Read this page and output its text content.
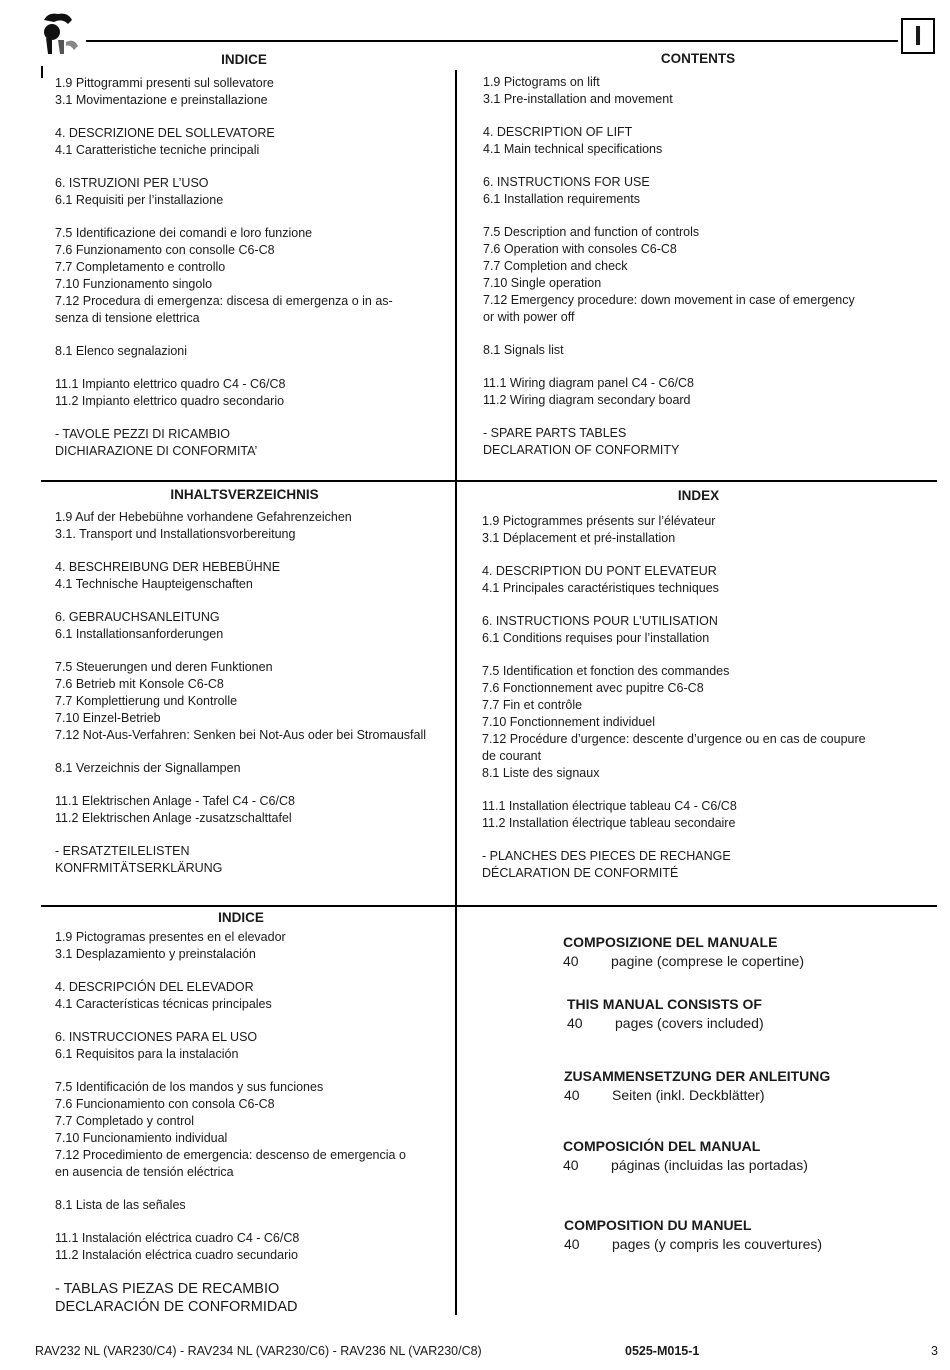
I
INDICE
1.9 Pittogrammi presenti sul sollevatore
3.1 Movimentazione e preinstallazione
4. DESCRIZIONE DEL SOLLEVATORE
4.1 Caratteristiche tecniche principali
6. ISTRUZIONI PER L’USO
6.1 Requisiti per l’installazione
7.5 Identificazione dei comandi e loro funzione
7.6 Funzionamento con consolle C6-C8
7.7 Completamento e controllo
7.10 Funzionamento singolo
7.12 Procedura di emergenza: discesa di emergenza o in as-
senza di tensione elettrica
8.1 Elenco segnalazioni
11.1 Impianto elettrico quadro C4 - C6/C8
11.2 Impianto elettrico quadro secondario
- TAVOLE PEZZI DI RICAMBIO
DICHIARAZIONE DI CONFORMITA’
CONTENTS
1.9 Pictograms on lift
3.1 Pre-installation and movement
4. DESCRIPTION OF LIFT
4.1 Main technical specifications
6. INSTRUCTIONS FOR USE
6.1 Installation requirements
7.5 Description and function of controls
7.6 Operation with consoles C6-C8
7.7 Completion and check
7.10 Single operation
7.12 Emergency procedure: down movement in case of emergency
or with power off
8.1 Signals list
11.1 Wiring diagram panel C4 - C6/C8
11.2 Wiring diagram secondary board
- SPARE PARTS TABLES
DECLARATION OF CONFORMITY
INHALTSVERZEICHNIS
1.9 Auf der Hebebühne vorhandene Gefahrenzeichen
3.1. Transport und Installationsvorbereitung
4. BESCHREIBUNG DER HEBEBÜHNE
4.1 Technische Haupteigenschaften
6. GEBRAUCHSANLEITUNG
6.1 Installationsanforderungen
7.5 Steuerungen und deren Funktionen
7.6 Betrieb mit Konsole C6-C8
7.7 Komplettierung und Kontrolle
7.10 Einzel-Betrieb
7.12 Not-Aus-Verfahren: Senken bei Not-Aus oder bei Stromausfall
8.1 Verzeichnis der Signallampen
11.1 Elektrischen Anlage - Tafel C4 - C6/C8
11.2 Elektrischen Anlage -zusatzschalttafel
- ERSATZTEILELISTEN
KONFRMITÄTSERKLÄRUNG
INDEX
1.9 Pictogrammes présents sur l’élévateur
3.1 Déplacement et pré-installation
4. DESCRIPTION DU PONT ELEVATEUR
4.1 Principales caractéristiques techniques
6. INSTRUCTIONS POUR L’UTILISATION
6.1 Conditions requises pour l’installation
7.5 Identification et fonction des commandes
7.6 Fonctionnement avec pupitre C6-C8
7.7 Fin et contrôle
7.10 Fonctionnement individuel
7.12 Procédure d’urgence: descente d’urgence ou en cas de coupure
de courant
8.1 Liste des signaux
11.1 Installation électrique tableau C4 - C6/C8
11.2 Installation électrique tableau secondaire
- PLANCHES DES PIECES DE RECHANGE
DÉCLARATION DE CONFORMITÉ
INDICE
1.9 Pictogramas presentes en el elevador
3.1 Desplazamiento y preinstalación
4. DESCRIPCIÓN DEL ELEVADOR
4.1 Características técnicas principales
6. INSTRUCCIONES PARA EL USO
6.1 Requisitos para la instalación
7.5 Identificación de los mandos y sus funciones
7.6 Funcionamiento con consola C6-C8
7.7 Completado y control
7.10 Funcionamiento individual
7.12 Procedimiento de emergencia: descenso de emergencia o
en ausencia de tensión eléctrica
8.1 Lista de las señales
11.1 Instalación eléctrica cuadro C4 - C6/C8
11.2 Instalación eléctrica cuadro secundario
- TABLAS PIEZAS DE RECAMBIO
DECLARACIÓN DE CONFORMIDAD
COMPOSIZIONE DEL MANUALE
40 pagine (comprese le copertine)
THIS MANUAL CONSISTS OF
40 pages (covers included)
ZUSAMMENSETZUNG DER ANLEITUNG
40 Seiten (inkl. Deckblätter)
COMPOSICIÓN DEL MANUAL
40 páginas (incluidas las portadas)
COMPOSITION DU MANUEL
40 pages (y compris les couvertures)
RAV232 NL (VAR230/C4) - RAV234 NL (VAR230/C6) - RAV236 NL (VAR230/C8)	0525-M015-1	3
